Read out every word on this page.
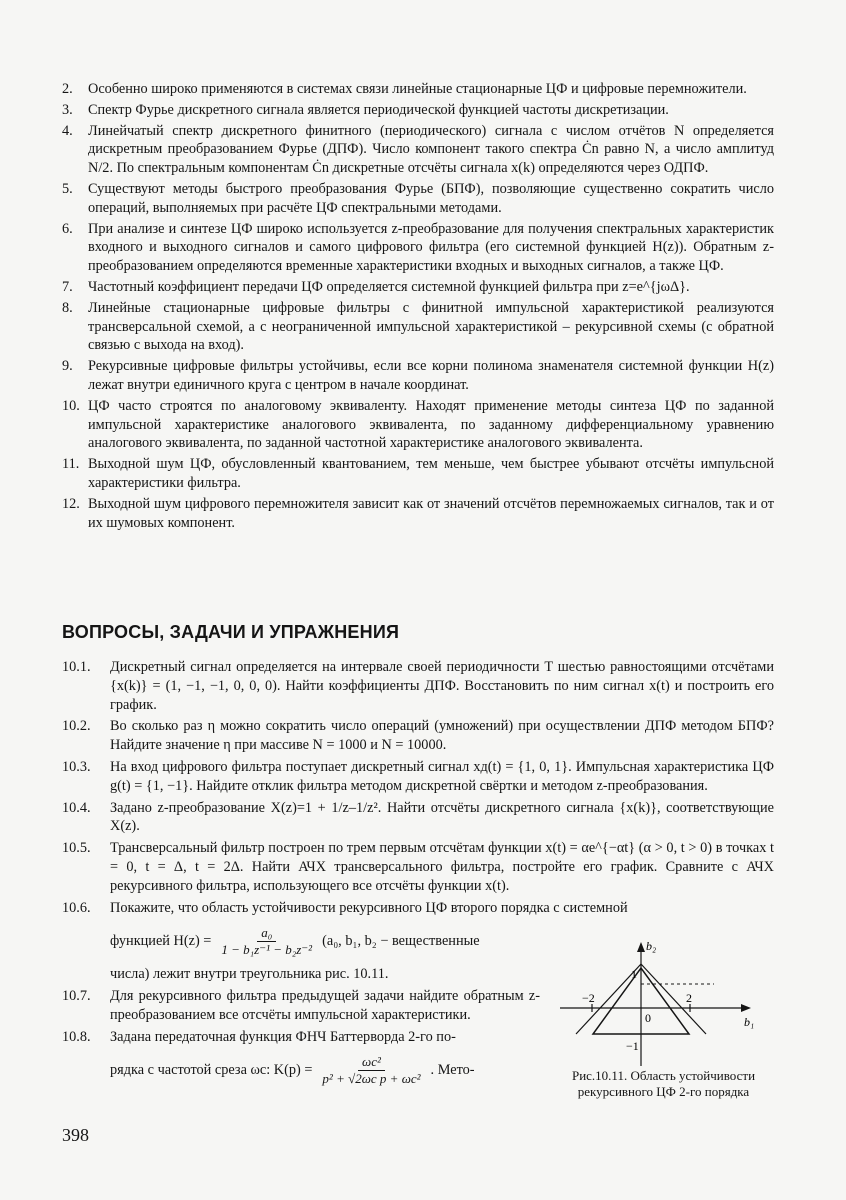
2. Особенно широко применяются в системах связи линейные стационарные ЦФ и цифровые перемножители.
3. Спектр Фурье дискретного сигнала является периодической функцией частоты дискретизации.
4. Линейчатый спектр дискретного финитного (периодического) сигнала с числом отчётов N определяется дискретным преобразованием Фурье (ДПФ). Число компонент такого спектра Ċn равно N, а число амплитуд N/2. По спектральным компонентам Ċn дискретные отсчёты сигнала x(k) определяются через ОДПФ.
5. Существуют методы быстрого преобразования Фурье (БПФ), позволяющие существенно сократить число операций, выполняемых при расчёте ЦФ спектральными методами.
6. При анализе и синтезе ЦФ широко используется z-преобразование для получения спектральных характеристик входного и выходного сигналов и самого цифрового фильтра (его системной функцией H(z)). Обратным z-преобразованием определяются временные характеристики входных и выходных сигналов, а также ЦФ.
7. Частотный коэффициент передачи ЦФ определяется системной функцией фильтра при z=e^{jωΔ}.
8. Линейные стационарные цифровые фильтры с финитной импульсной характеристикой реализуются трансверсальной схемой, а с неограниченной импульсной характеристикой – рекурсивной схемы (с обратной связью с выхода на вход).
9. Рекурсивные цифровые фильтры устойчивы, если все корни полинома знаменателя системной функции H(z) лежат внутри единичного круга с центром в начале координат.
10. ЦФ часто строятся по аналоговому эквиваленту. Находят применение методы синтеза ЦФ по заданной импульсной характеристике аналогового эквивалента, по заданному дифференциальному уравнению аналогового эквивалента, по заданной частотной характеристике аналогового эквивалента.
11. Выходной шум ЦФ, обусловленный квантованием, тем меньше, чем быстрее убывают отсчёты импульсной характеристики фильтра.
12. Выходной шум цифрового перемножителя зависит как от значений отсчётов перемножаемых сигналов, так и от их шумовых компонент.
ВОПРОСЫ, ЗАДАЧИ И УПРАЖНЕНИЯ
10.1. Дискретный сигнал определяется на интервале своей периодичности T шестью равностоящими отсчётами {x(k)} = (1, −1, −1, 0, 0, 0). Найти коэффициенты ДПФ. Восстановить по ним сигнал x(t) и построить его график.
10.2. Во сколько раз η можно сократить число операций (умножений) при осуществлении ДПФ методом БПФ? Найдите значение η при массиве N = 1000 и N = 10000.
10.3. На вход цифрового фильтра поступает дискретный сигнал xд(t) = {1, 0, 1}. Импульсная характеристика ЦФ g(t) = {1, −1}. Найдите отклик фильтра методом дискретной свёртки и методом z-преобразования.
10.4. Задано z-преобразование X(z)=1 + 1/z–1/z². Найти отсчёты дискретного сигнала {x(k)}, соответствующие X(z).
10.5. Трансверсальный фильтр построен по трем первым отсчётам функции x(t) = αe^{−αt} (α > 0, t > 0) в точках t = 0, t = Δ, t = 2Δ. Найти АЧХ трансверсального фильтра, постройте его график. Сравните с АЧХ рекурсивного фильтра, использующего все отсчёты функции x(t).
10.6. Покажите, что область устойчивости рекурсивного ЦФ второго порядка с системной
функцией $H(z) = \frac{\text{a₀}}{\text{1 − b₁z⁻¹ − b₂z⁻²}} (a_0$, b₁, b₂ − вещественные
числа) лежит внутри треугольника рис. 10.11.
10.7. Для рекурсивного фильтра предыдущей задачи найдите обратным z-преобразованием все отсчёты импульсной характеристики.
10.8. Задана передаточная функция ФНЧ Баттерворда 2-го по-
рядка с частотой среза ωc: $K(p) = \frac{\text{ωc²}}{\text{p² + √2ωc p + ωc²}}$ . Мето-
b₂
b₁
−2	2
1
0
−1
Рис.10.11. Область устойчивости рекурсивного ЦФ 2-го порядка
398
